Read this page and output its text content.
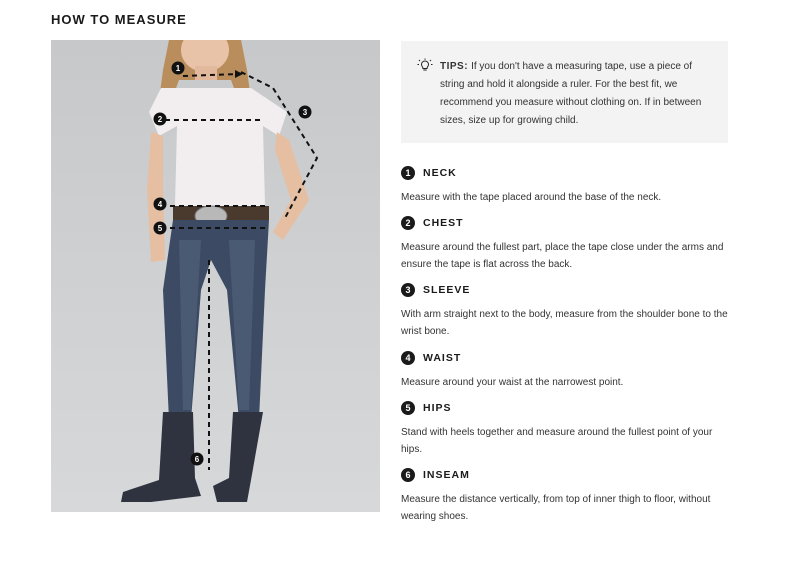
HOW TO MEASURE
1
2
3
4
5
6
TIPS: If you don't have a measuring tape, use a piece of string and hold it alongside a ruler. For the best fit, we recommend you measure without clothing on. If in between sizes, size up for growing child.
1	NECK
Measure with the tape placed around the base of the neck.
2	CHEST
Measure around the fullest part, place the tape close under the arms and ensure the tape is flat across the back.
3	SLEEVE
With arm straight next to the body, measure from the shoulder bone to the wrist bone.
4	WAIST
Measure around your waist at the narrowest point.
5	HIPS
Stand with heels together and measure around the fullest point of your hips.
6	INSEAM
Measure the distance vertically, from top of inner thigh to floor, without wearing shoes.
